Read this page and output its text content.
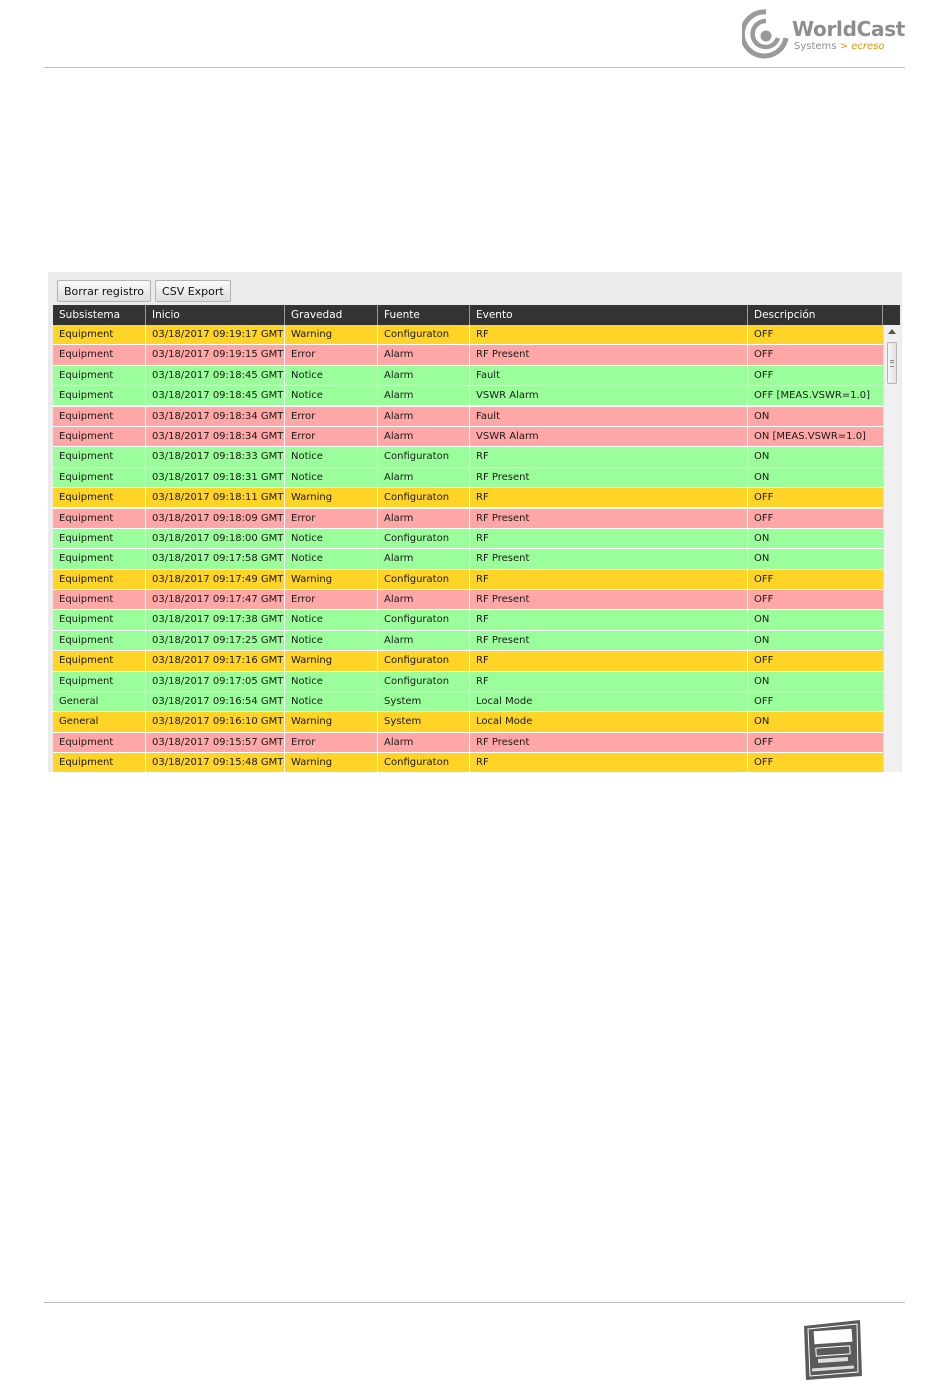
WorldCast
Systems > ecreso
Borrar registro	CSV Export
Subsistema	Inicio	Gravedad	Fuente	Evento	Descripción
Equipment	03/18/2017 09:19:17 GMT Warning	Configuraton	RF	OFF
Equipment	03/18/2017 09:19:15 GMT Error	Alarm	RF Present	OFF
Equipment	03/18/2017 09:18:45 GMT Notice	Alarm	Fault	OFF
Equipment	03/18/2017 09:18:45 GMT Notice	Alarm	VSWR Alarm	OFF [MEAS.VSWR=1.0]
Equipment	03/18/2017 09:18:34 GMT Error	Alarm	Fault	ON
Equipment	03/18/2017 09:18:34 GMT Error	Alarm	VSWR Alarm	ON [MEAS.VSWR=1.0]
Equipment	03/18/2017 09:18:33 GMT Notice	Configuraton	RF	ON
Equipment	03/18/2017 09:18:31 GMT Notice	Alarm	RF Present	ON
Equipment	03/18/2017 09:18:11 GMT Warning	Configuraton	RF	OFF
Equipment	03/18/2017 09:18:09 GMT Error	Alarm	RF Present	OFF
Equipment	03/18/2017 09:18:00 GMT Notice	Configuraton	RF	ON
Equipment	03/18/2017 09:17:58 GMT Notice	Alarm	RF Present	ON
Equipment	03/18/2017 09:17:49 GMT Warning	Configuraton	RF	OFF
Equipment	03/18/2017 09:17:47 GMT Error	Alarm	RF Present	OFF
Equipment	03/18/2017 09:17:38 GMT Notice	Configuraton	RF	ON
Equipment	03/18/2017 09:17:25 GMT Notice	Alarm	RF Present	ON
Equipment	03/18/2017 09:17:16 GMT Warning	Configuraton	RF	OFF
Equipment	03/18/2017 09:17:05 GMT Notice	Configuraton	RF	ON
General	03/18/2017 09:16:54 GMT Notice	System	Local Mode	OFF
General	03/18/2017 09:16:10 GMT Warning	System	Local Mode	ON
Equipment	03/18/2017 09:15:57 GMT Error	Alarm	RF Present	OFF
Equipment	03/18/2017 09:15:48 GMT Warning	Configuraton	RF	OFF
